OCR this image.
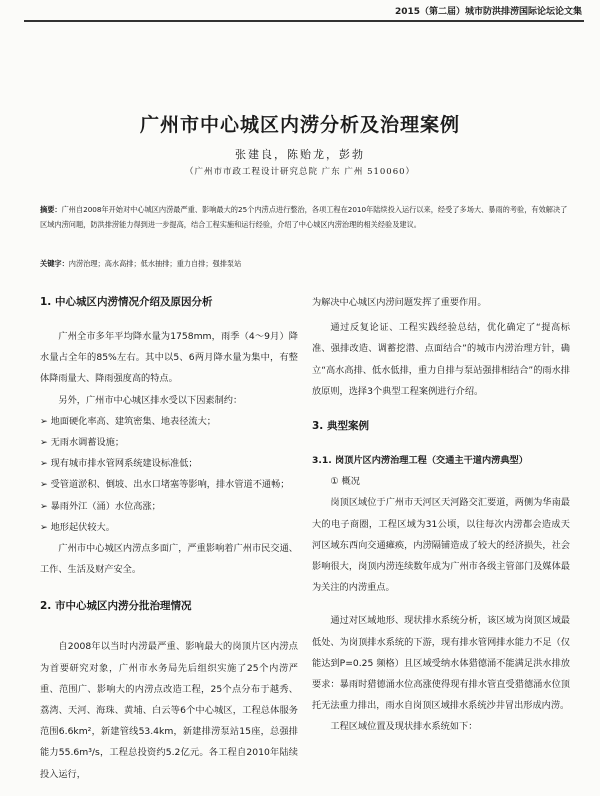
2015（第二届）城市防洪排涝国际论坛论文集
广州市中心城区内涝分析及治理案例
张建良，陈贻龙，彭勃
（广州市市政工程设计研究总院 广东 广州 510060）
摘要：广州自2008年开始对中心城区内涝最严重、影响最大的25个内涝点进行整治，各项工程在2010年陆续投入运行以来，经受了多场大、暴雨的考验，有效解决了区域内涝问题，防洪排涝能力得到进一步提高，结合工程实施和运行经验，介绍了中心城区内涝治理的相关经验及建议。
关键字：内涝治理；高水高排；低水抽排；重力自排；强排泵站
1. 中心城区内涝情况介绍及原因分析

广州全市多年平均降水量为1758mm，雨季（4～9月）降水量占全年的85%左右。其中以5、6两月降水量为集中，有整体降雨量大、降雨强度高的特点。

另外，广州市中心城区排水受以下因素制约：

➢ 地面硬化率高、建筑密集、地表径流大；

➢ 无雨水调蓄设施；

➢ 现有城市排水管网系统建设标准低；

➢ 受管道淤积、倒坡、出水口堵塞等影响，排水管道不通畅；

➢ 暴雨外江（涌）水位高涨；

➢ 地形起伏较大。

广州市中心城区内涝点多面广，严重影响着广州市民交通、工作、生活及财产安全。

2. 市中心城区内涝分批治理情况

自2008年以当时内涝最严重、影响最大的岗顶片区内涝点为首要研究对象，广州市水务局先后组织实施了25个内涝严重、范围广、影响大的内涝点改造工程，25个点分布于越秀、荔湾、天河、海珠、黄埔、白云等6个中心城区，工程总体服务范围6.6km²，新建管线53.4km，新建排涝泵站15座，总强排能力55.6m³/s，工程总投资约5.2亿元。各工程自2010年陆续投入运行，

为解决中心城区内涝问题发挥了重要作用。

通过反复论证、工程实践经验总结，优化确定了“提高标准、强排改造、调蓄挖潜、点面结合”的城市内涝治理方针，确立“高水高排、低水低排，重力自排与泵站强排相结合”的雨水排放原则，选择3个典型工程案例进行介绍。

3. 典型案例
3.1. 岗顶片区内涝治理工程（交通主干道内涝典型）

① 概况

岗顶区域位于广州市天河区天河路交汇要道，两侧为华南最大的电子商圈，工程区域为31公顷，以往每次内涝都会造成天河区域东西向交通瘫痪，内涝隔铺造成了较大的经济损失，社会影响很大，岗顶内涝连续数年成为广州市各级主管部门及媒体最为关注的内涝重点。

通过对区域地形、现状排水系统分析，该区域为岗顶区域最低处、为岗顶排水系统的下游，现有排水管网排水能力不足（仅能达到P=0.25 频格）且区域受纳水体猎德涌不能满足洪水排放要求：暴雨时猎德涌水位高涨使得现有排水管直受猎德涌水位顶托无法重力排出，雨水自岗顶区域排水系统沙井冒出形成内涝。

工程区域位置及现状排水系统如下：
